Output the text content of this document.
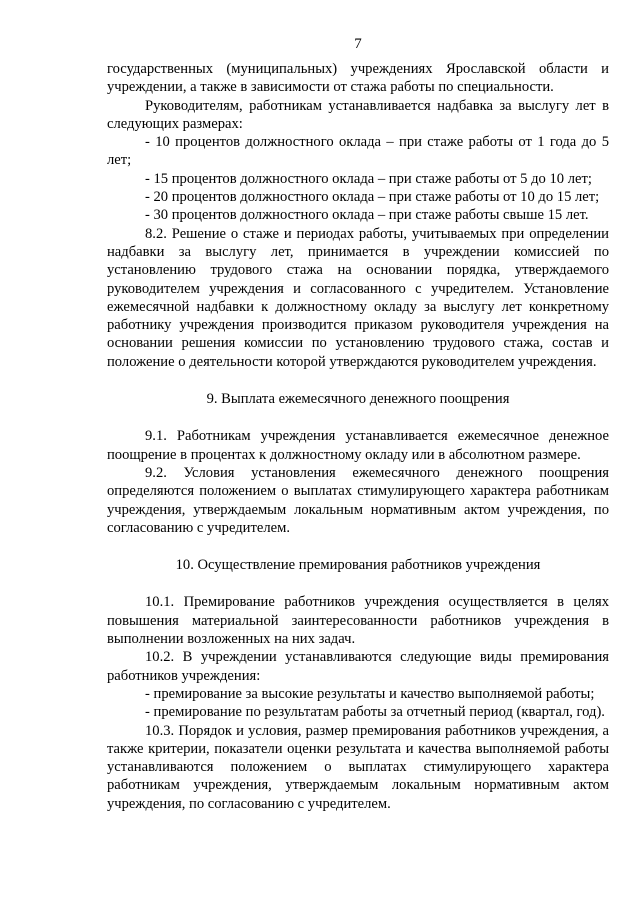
7

государственных (муниципальных) учреждениях Ярославской области и учреждении, а также в зависимости от стажа работы по специальности.

Руководителям, работникам устанавливается надбавка за выслугу лет в следующих размерах:

- 10 процентов должностного оклада – при стаже работы от 1 года до 5 лет;

- 15 процентов должностного оклада – при стаже работы от 5 до 10 лет;

- 20 процентов должностного оклада – при стаже работы от 10 до 15 лет;

- 30 процентов должностного оклада – при стаже работы свыше 15 лет.

8.2. Решение о стаже и периодах работы, учитываемых при определении надбавки за выслугу лет, принимается в учреждении комиссией по установлению трудового стажа на основании порядка, утверждаемого руководителем учреждения и согласованного с учредителем. Установление ежемесячной надбавки к должностному окладу за выслугу лет конкретному работнику учреждения производится приказом руководителя учреждения на основании решения комиссии по установлению трудового стажа, состав и положение о деятельности которой утверждаются руководителем учреждения.

9. Выплата ежемесячного денежного поощрения

9.1. Работникам учреждения устанавливается ежемесячное денежное поощрение в процентах к должностному окладу или в абсолютном размере.

9.2. Условия установления ежемесячного денежного поощрения определяются положением о выплатах стимулирующего характера работникам учреждения, утверждаемым локальным нормативным актом учреждения, по согласованию с учредителем.

10. Осуществление премирования работников учреждения

10.1. Премирование работников учреждения осуществляется в целях повышения материальной заинтересованности работников учреждения в выполнении возложенных на них задач.

10.2. В учреждении устанавливаются следующие виды премирования работников учреждения:

- премирование за высокие результаты и качество выполняемой работы;

- премирование по результатам работы за отчетный период (квартал, год).

10.3. Порядок и условия, размер премирования работников учреждения, а также критерии, показатели оценки результата и качества выполняемой работы устанавливаются положением о выплатах стимулирующего характера работникам учреждения, утверждаемым локальным нормативным актом учреждения, по согласованию с учредителем.
